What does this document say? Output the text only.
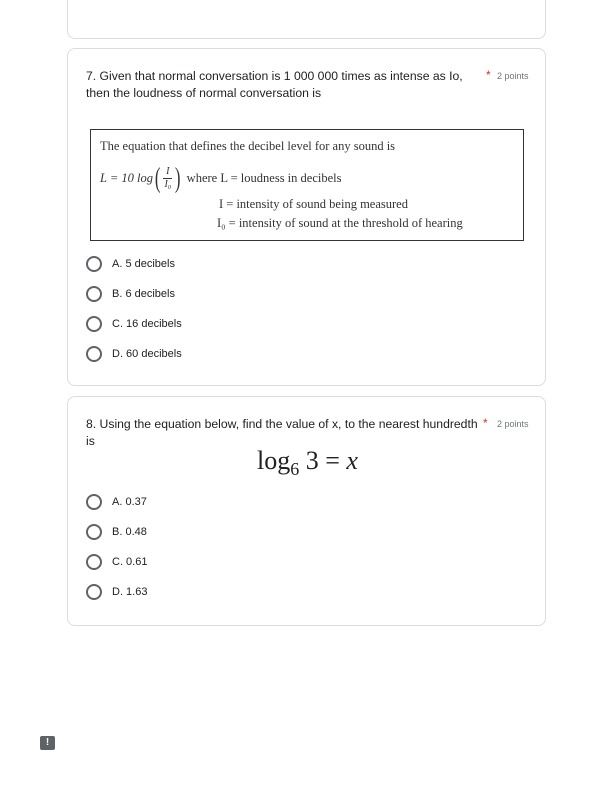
7. Given that normal conversation is 1 000 000 times as intense as Io, then the loudness of normal conversation is
* 2 points
The equation that defines the decibel level for any sound is
L = 10 log ( $\frac{I}{\text{I₀}}$ ) where L = loudness in decibels
I = intensity of sound being measured
I₀ = intensity of sound at the threshold of hearing
A. 5 decibels
B. 6 decibels
C. 16 decibels
D. 60 decibels
8. Using the equation below, find the value of x, to the nearest hundredth is
* 2 points
$\log_6 3 = x$
A. 0.37
B. 0.48
C. 0.61
D. 1.63
!
